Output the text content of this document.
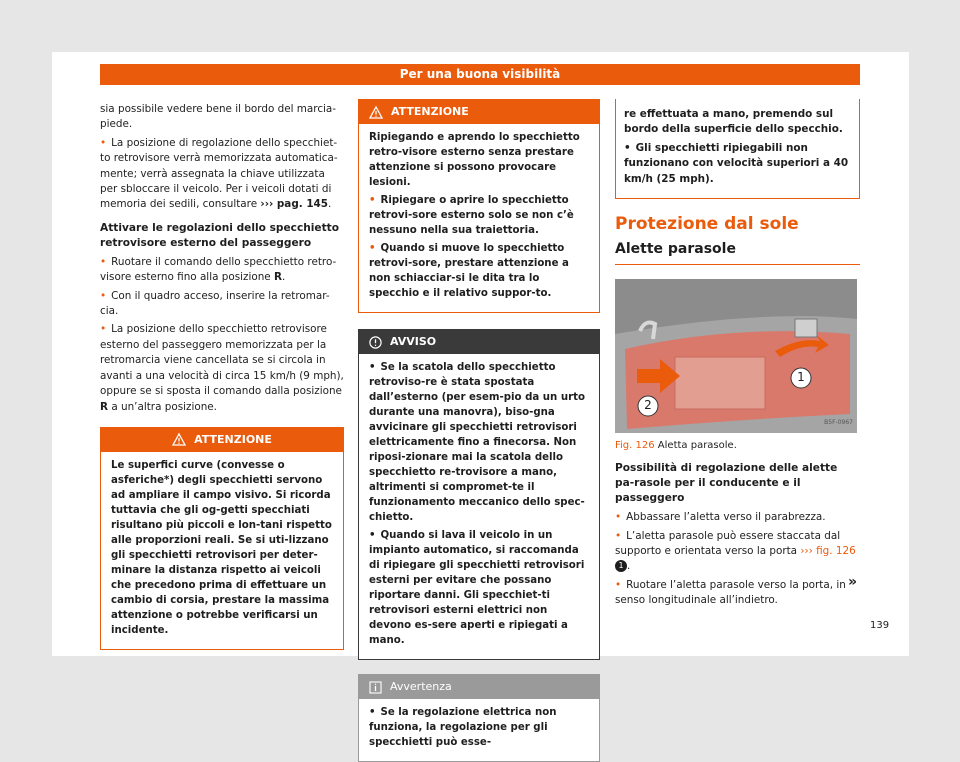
Per una buona visibilità

sia possibile vedere bene il bordo del marcia-piede.

• La posizione di regolazione dello specchiet-to retrovisore verrà memorizzata automatica-mente; verrà assegnata la chiave utilizzata per sbloccare il veicolo. Per i veicoli dotati di memoria dei sedili, consultare ››› pag. 145.

Attivare le regolazioni dello specchietto retrovisore esterno del passeggero

• Ruotare il comando dello specchietto retro-visore esterno fino alla posizione R.

• Con il quadro acceso, inserire la retromar-cia.

• La posizione dello specchietto retrovisore esterno del passeggero memorizzata per la retromarcia viene cancellata se si circola in avanti a una velocità di circa 15 km/h (9 mph), oppure se si sposta il comando dalla posizione R a un’altra posizione.

ATTENZIONE

Le superfici curve (convesse o asferiche*) degli specchietti servono ad ampliare il campo visivo. Si ricorda tuttavia che gli og-getti specchiati risultano più piccoli e lon-tani rispetto alle proporzioni reali. Se si uti-lizzano gli specchietti retrovisori per deter-minare la distanza rispetto ai veicoli che precedono prima di effettuare un cambio di corsia, prestare la massima attenzione o potrebbe verificarsi un incidente.

ATTENZIONE

Ripiegando e aprendo lo specchietto retro-visore esterno senza prestare attenzione si possono provocare lesioni.

• Ripiegare o aprire lo specchietto retrovi-sore esterno solo se non c’è nessuno nella sua traiettoria.

• Quando si muove lo specchietto retrovi-sore, prestare attenzione a non schiacciar-si le dita tra lo specchio e il relativo suppor-to.

AVVISO

• Se la scatola dello specchietto retroviso-re è stata spostata dall’esterno (per esem-pio da un urto durante una manovra), biso-gna avvicinare gli specchietti retrovisori elettricamente fino a finecorsa. Non riposi-zionare mai la scatola dello specchietto re-trovisore a mano, altrimenti si compromet-te il funzionamento meccanico dello spec-chietto.

• Quando si lava il veicolo in un impianto automatico, si raccomanda di ripiegare gli specchietti retrovisori esterni per evitare che possano riportare danni. Gli specchiet-ti retrovisori esterni elettrici non devono es-sere aperti e ripiegati a mano.

Avvertenza

• Se la regolazione elettrica non funziona, la regolazione per gli specchietti può esse-

re effettuata a mano, premendo sul bordo della superficie dello specchio.

• Gli specchietti ripiegabili non funzionano con velocità superiori a 40 km/h (25 mph).

Protezione dal sole
Alette parasole
1
2
B5F-0967

Fig. 126 Aletta parasole.

Possibilità di regolazione delle alette pa-rasole per il conducente e il passeggero

• Abbassare l’aletta verso il parabrezza.

• L’aletta parasole può essere staccata dal supporto e orientata verso la porta ››› fig. 126 1 .

• Ruotare l’aletta parasole verso la porta, in senso longitudinale all’indietro.

»
139
